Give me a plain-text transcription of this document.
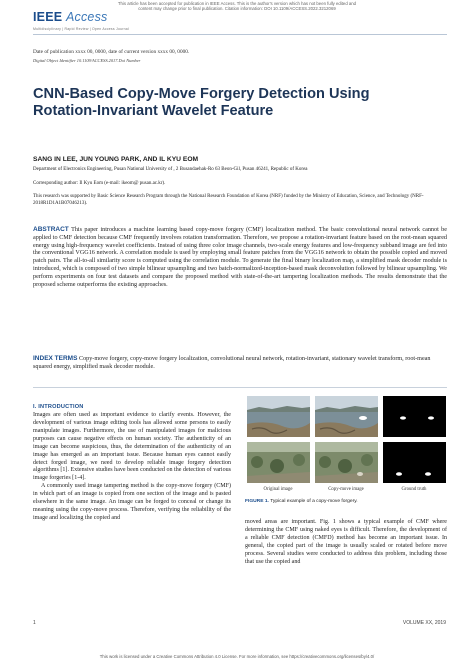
This article has been accepted for publication in IEEE Access. This is the author's version which has not been fully edited and
content may change prior to final publication. Citation information: DOI 10.1109/ACCESS.2022.3212069
IEEE Access
Multidisciplinary | Rapid Review | Open Access Journal
Date of publication xxxx 00, 0000, date of current version xxxx 00, 0000.
Digital Object Identifier 10.1109/ACCESS.2017.Doi Number
CNN-Based Copy-Move Forgery Detection Using Rotation-Invariant Wavelet Feature
SANG IN LEE, JUN YOUNG PARK, AND IL KYU EOM
Department of Electronics Engineering, Pusan National University of , 2 Busandaehak-Ro 63 Beon-Gil, Pusan 46241, Republic of Korea
Corresponding author: Il Kyu Eom (e-mail: ikeom@ pusan.ac.kr).
This research was supported by Basic Science Research Program through the National Research Foundation of Korea (NRF) funded by the Ministry of Education, Science, and Technology (NRF-2018R1D1A1B07046213).
ABSTRACT This paper introduces a machine learning based copy-move forgery (CMF) localization method. The basic convolutional neural network cannot be applied to CMF detection because CMF frequently involves rotation transformation. Therefore, we propose a rotation-invariant feature based on the root-mean squared energy using high-frequency wavelet coefficients. Instead of using three color image channels, two-scale energy features and low-frequency subband image are fed into the conventional VGG16 network. A correlation module is used by employing small feature patches from the VGG16 network to obtain the possible copied and moved patch pairs. The all-to-all similarity score is computed using the correlation module. To generate the final binary localization map, a simplified mask decoder module is introduced, which is composed of two simple bilinear upsampling and two batch-normalized-inception-based mask deconvolution followed by bilinear upsampling. We perform experiments on four test datasets and compare the proposed method with state-of-the-art tampering localization methods. The results demonstrate that the proposed scheme outperforms the existing approaches.
INDEX TERMS Copy-move forgery, copy-move forgery localization, convolutional neural network, rotation-invariant, stationary wavelet transform, root-mean squared energy, simplified mask decoder module.
I. INTRODUCTION

Images are often used as important evidence to clarify events. However, the development of various image editing tools has allowed some persons to easily manipulate images. Furthermore, the use of manipulated images for malicious purposes can cause negative effects on human society. The authenticity of an image can become suspicious, thus, the determination of the authenticity of an image has emerged as an important issue. Because human eyes cannot easily detect forged image, we need to develop reliable image forgery detection algorithms [1]. Extensive studies have been conducted on the detection of various image forgeries [1-4].

A commonly used image tampering method is the copy-move forgery (CMF) in which part of an image is copied from one section of the image and is pasted elsewhere in the same image. An image can be forged to conceal or change its meaning using the copy-move process. Therefore, verifying the reliability of the image and localizing the copied and

Original image	Copy-move image	Ground truth
FIGURE 1. Typical example of a copy-move forgery.

moved areas are important. Fig. 1 shows a typical example of CMF where determining the CMF using naked eyes is difficult. Therefore, the development of a reliable CMF detection (CMFD) method has become an important issue. In general, the copied part of the image is usually scaled or rotated before move process. Several studies were conducted to address this problem, including those that use the copied and

1	VOLUME XX, 2019
This work is licensed under a Creative Commons Attribution 4.0 License. For more information, see https://creativecommons.org/licenses/by/4.0/
